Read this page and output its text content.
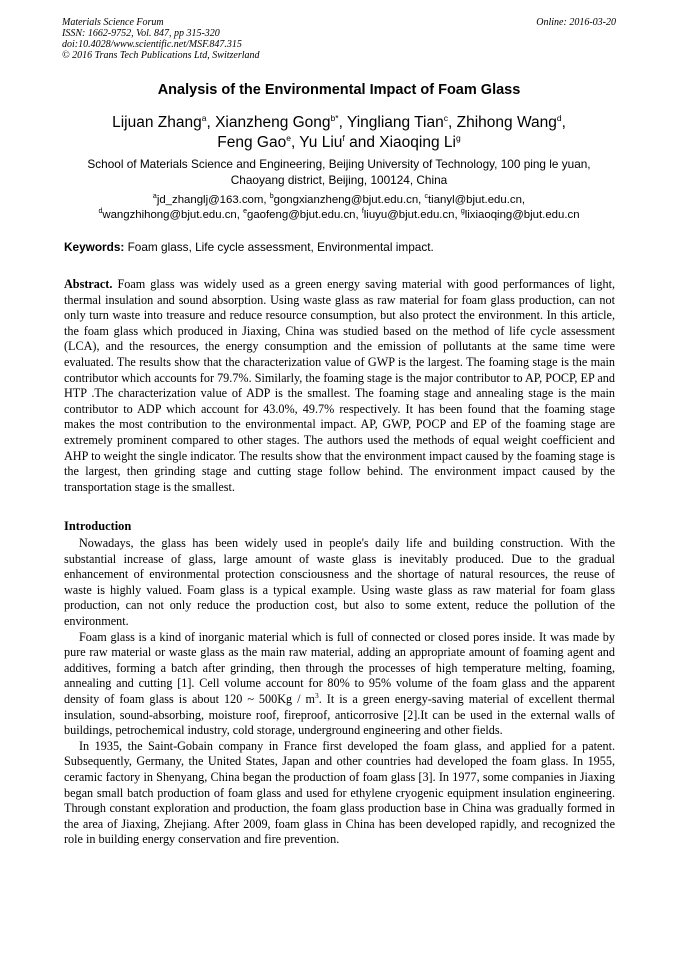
Materials Science Forum
ISSN: 1662-9752, Vol. 847, pp 315-320
doi:10.4028/www.scientific.net/MSF.847.315
© 2016 Trans Tech Publications Ltd, Switzerland
Online: 2016-03-20
Analysis of the Environmental Impact of Foam Glass
Lijuan Zhang$^a$, Xianzheng Gong$^{b*}$, Yingliang Tian$^c$, Zhihong Wang$^d$,
Feng Gao$^e$, Yu Liu$^f$ and Xiaoqing Li$^g$
School of Materials Science and Engineering, Beijing University of Technology, 100 ping le yuan,
Chaoyang district, Beijing, 100124, China
$^a$jd_zhanglj@163.com, $^b$gongxianzheng@bjut.edu.cn, $^c$tianyl@bjut.edu.cn,
$^d$wangzhihong@bjut.edu.cn, $^e$gaofeng@bjut.edu.cn, $^f$liuyu@bjut.edu.cn, $^g$lixiaoqing@bjut.edu.cn
Keywords: Foam glass, Life cycle assessment, Environmental impact.
Abstract. Foam glass was widely used as a green energy saving material with good performances of light, thermal insulation and sound absorption. Using waste glass as raw material for foam glass production, can not only turn waste into treasure and reduce resource consumption, but also protect the environment. In this article, the foam glass which produced in Jiaxing, China was studied based on the method of life cycle assessment (LCA), and the resources, the energy consumption and the emission of pollutants at the same time were evaluated. The results show that the characterization value of GWP is the largest. The foaming stage is the main contributor which accounts for 79.7%. Similarly, the foaming stage is the major contributor to AP, POCP, EP and HTP .The characterization value of ADP is the smallest. The foaming stage and annealing stage is the main contributor to ADP which account for 43.0%, 49.7% respectively. It has been found that the foaming stage makes the most contribution to the environmental impact. AP, GWP, POCP and EP of the foaming stage are extremely prominent compared to other stages. The authors used the methods of equal weight coefficient and AHP to weight the single indicator. The results show that the environment impact caused by the foaming stage is the largest, then grinding stage and cutting stage follow behind. The environment impact caused by the transportation stage is the smallest.
Introduction

Nowadays, the glass has been widely used in people's daily life and building construction. With the substantial increase of glass, large amount of waste glass is inevitably produced. Due to the gradual enhancement of environmental protection consciousness and the shortage of natural resources, the reuse of waste is highly valued. Foam glass is a typical example. Using waste glass as raw material for foam glass production, can not only reduce the production cost, but also to some extent, reduce the pollution of the environment.

Foam glass is a kind of inorganic material which is full of connected or closed pores inside. It was made by pure raw material or waste glass as the main raw material, adding an appropriate amount of foaming agent and additives, forming a batch after grinding, then through the processes of high temperature melting, foaming, annealing and cutting [1]. Cell volume account for 80% to 95% volume of the foam glass and the apparent density of foam glass is about 120 ~ $500Kg / m^3$. It is a green energy-saving material of excellent thermal insulation, sound-absorbing, moisture roof, fireproof, anticorrosive [2].It can be used in the external walls of buildings, petrochemical industry, cold storage, underground engineering and other fields.

In 1935, the Saint-Gobain company in France first developed the foam glass, and applied for a patent. Subsequently, Germany, the United States, Japan and other countries had developed the foam glass. In 1955, ceramic factory in Shenyang, China began the production of foam glass [3]. In 1977, some companies in Jiaxing began small batch production of foam glass and used for ethylene cryogenic equipment insulation engineering. Through constant exploration and production, the foam glass production base in China was gradually formed in the area of Jiaxing, Zhejiang. After 2009, foam glass in China has been developed rapidly, and recognized the role in building energy conservation and fire prevention.
